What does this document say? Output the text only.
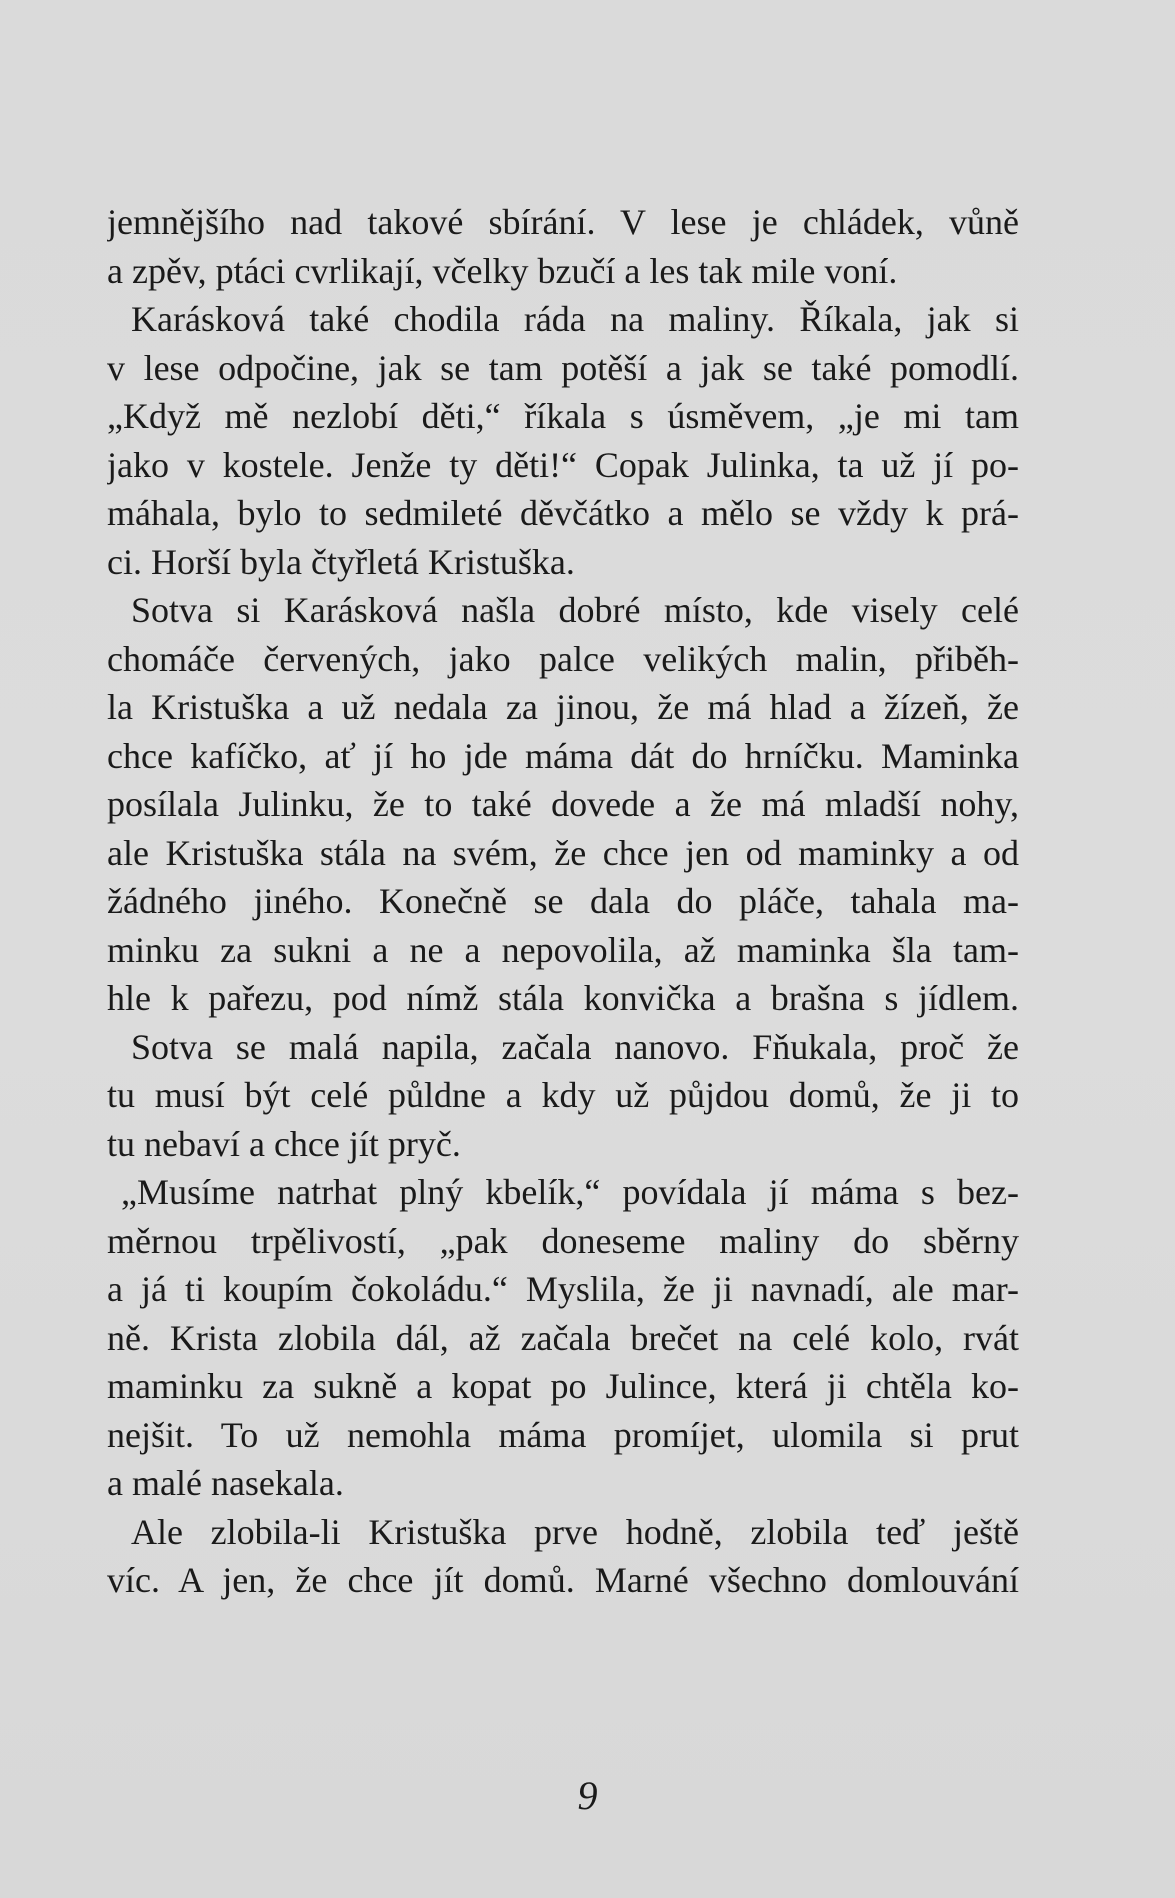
jemnějšího nad takové sbírání. V lese je chládek, vůně
a zpěv, ptáci cvrlikají, včelky bzučí a les tak mile voní.
Karásková také chodila ráda na maliny. Říkala, jak si
v lese odpočine, jak se tam potěší a jak se také pomodlí.
„Když mě nezlobí děti,“ říkala s úsměvem, „je mi tam
jako v kostele. Jenže ty děti!“ Copak Julinka, ta už jí po-
máhala, bylo to sedmileté děvčátko a mělo se vždy k prá-
ci. Horší byla čtyřletá Kristuška.
Sotva si Karásková našla dobré místo, kde visely celé
chomáče červených, jako palce velikých malin, přiběh-
la Kristuška a už nedala za jinou, že má hlad a žízeň, že
chce kafíčko, ať jí ho jde máma dát do hrníčku. Maminka
posílala Julinku, že to také dovede a že má mladší nohy,
ale Kristuška stála na svém, že chce jen od maminky a od
žádného jiného. Konečně se dala do pláče, tahala ma-
minku za sukni a ne a nepovolila, až maminka šla tam-
hle k pařezu, pod nímž stála konvička a brašna s jídlem.
Sotva se malá napila, začala nanovo. Fňukala, proč že
tu musí být celé půldne a kdy už půjdou domů, že ji to
tu nebaví a chce jít pryč.
„Musíme natrhat plný kbelík,“ povídala jí máma s bez-
měrnou trpělivostí, „pak doneseme maliny do sběrny
a já ti koupím čokoládu.“ Myslila, že ji navnadí, ale mar-
ně. Krista zlobila dál, až začala brečet na celé kolo, rvát
maminku za sukně a kopat po Julince, která ji chtěla ko-
nejšit. To už nemohla máma promíjet, ulomila si prut
a malé nasekala.
Ale zlobila-li Kristuška prve hodně, zlobila teď ještě
víc. A jen, že chce jít domů. Marné všechno domlouvání
9
